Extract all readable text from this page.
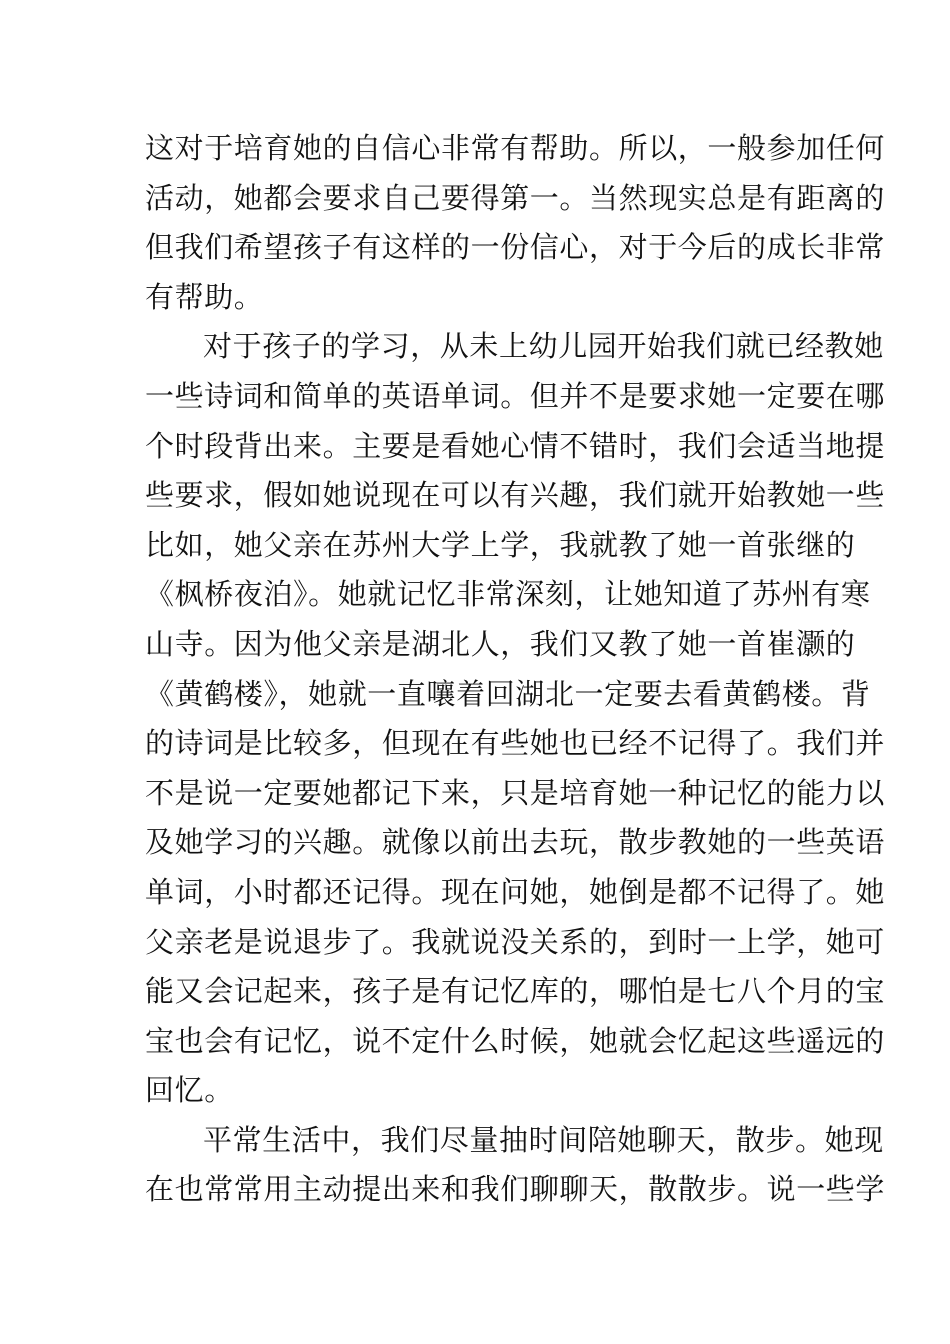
这对于培育她的自信心非常有帮助。所以，一般参加任何
活动，她都会要求自己要得第一。当然现实总是有距离的
但我们希望孩子有这样的一份信心，对于今后的成长非常
有帮助。
对于孩子的学习，从未上幼儿园开始我们就已经教她
一些诗词和简单的英语单词。但并不是要求她一定要在哪
个时段背出来。主要是看她心情不错时，我们会适当地提
些要求，假如她说现在可以有兴趣，我们就开始教她一些
比如，她父亲在苏州大学上学，我就教了她一首张继的
《枫桥夜泊》。她就记忆非常深刻，让她知道了苏州有寒
山寺。因为他父亲是湖北人，我们又教了她一首崔灏的
《黄鹤楼》，她就一直嚷着回湖北一定要去看黄鹤楼。背
的诗词是比较多，但现在有些她也已经不记得了。我们并
不是说一定要她都记下来，只是培育她一种记忆的能力以
及她学习的兴趣。就像以前出去玩，散步教她的一些英语
单词，小时都还记得。现在问她，她倒是都不记得了。她
父亲老是说退步了。我就说没关系的，到时一上学，她可
能又会记起来，孩子是有记忆库的，哪怕是七八个月的宝
宝也会有记忆，说不定什么时候，她就会忆起这些遥远的
回忆。
平常生活中，我们尽量抽时间陪她聊天，散步。她现
在也常常用主动提出来和我们聊聊天，散散步。说一些学
